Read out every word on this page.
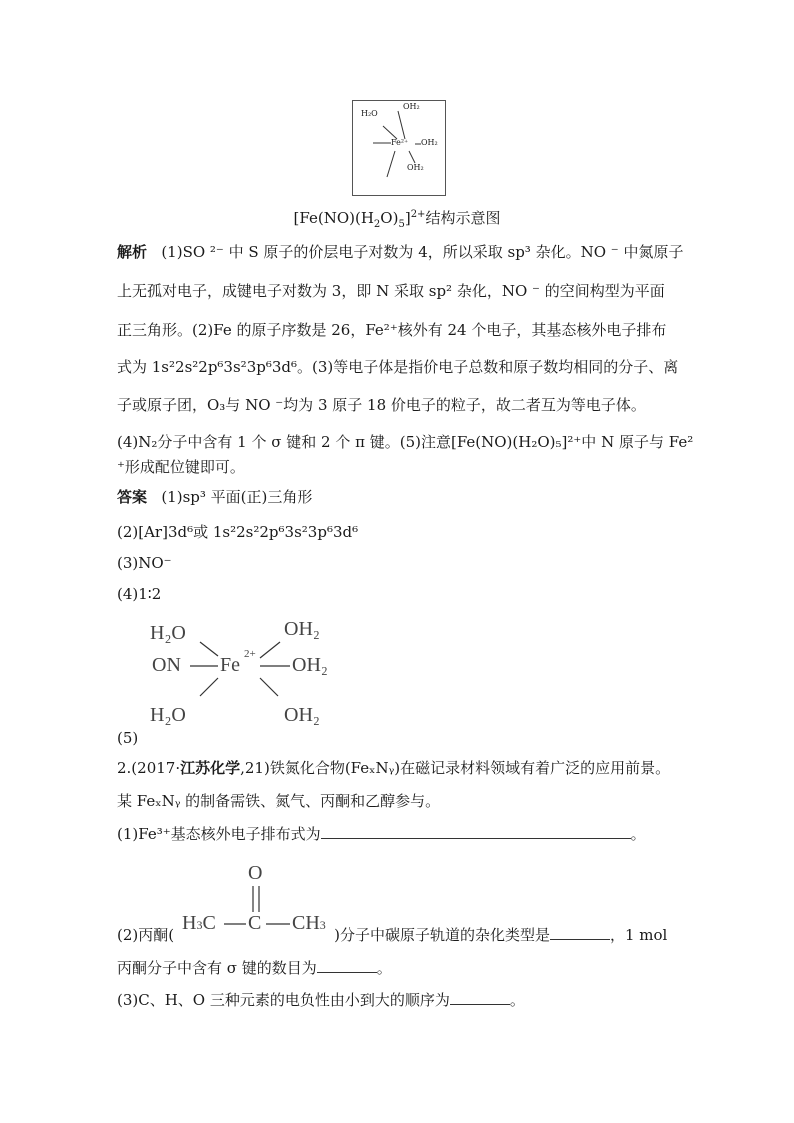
H₂O
OH₂
Fe²⁺ OH₂
OH₂
$[Fe(NO)(H_2O)_5]^{2+}$结构示意图
解析 (1)SO ²⁻ 中 S 原子的价层电子对数为 4，所以采取 sp³ 杂化。NO ⁻ 中氮原子
上无孤对电子，成键电子对数为 3，即 N 采取 sp² 杂化，NO ⁻ 的空间构型为平面
正三角形。(2)Fe 的原子序数是 26，Fe²⁺核外有 24 个电子，其基态核外电子排布
式为 1s²2s²2p⁶3s²3p⁶3d⁶。(3)等电子体是指价电子总数和原子数均相同的分子、离
子或原子团，O₃与 NO ⁻均为 3 原子 18 价电子的粒子，故二者互为等电子体。
(4)N₂分子中含有 1 个 σ 键和 2 个 π 键。(5)注意[Fe(NO)(H₂O)₅]²⁺中 N 原子与 Fe²
⁺形成配位键即可。
答案 (1)sp³ 平面(正)三角形
(2)[Ar]3d⁶或 1s²2s²2p⁶3s²3p⁶3d⁶
(3)NO⁻
(4)1∶2
H₂O	OH₂
ON Fe 2+ OH₂
H₂O	OH₂
(5)
2.(2017·江苏化学,21)铁氮化合物(FeₓNᵧ)在磁记录材料领域有着广泛的应用前景。
某 FeₓNᵧ 的制备需铁、氮气、丙酮和乙醇参与。
(1)Fe³⁺基态核外电子排布式为	。
O
H3C C CH3
(2)丙酮(	)分子中碳原子轨道的杂化类型是	，1 mol
丙酮分子中含有 σ 键的数目为	。
(3)C、H、O 三种元素的电负性由小到大的顺序为	。
